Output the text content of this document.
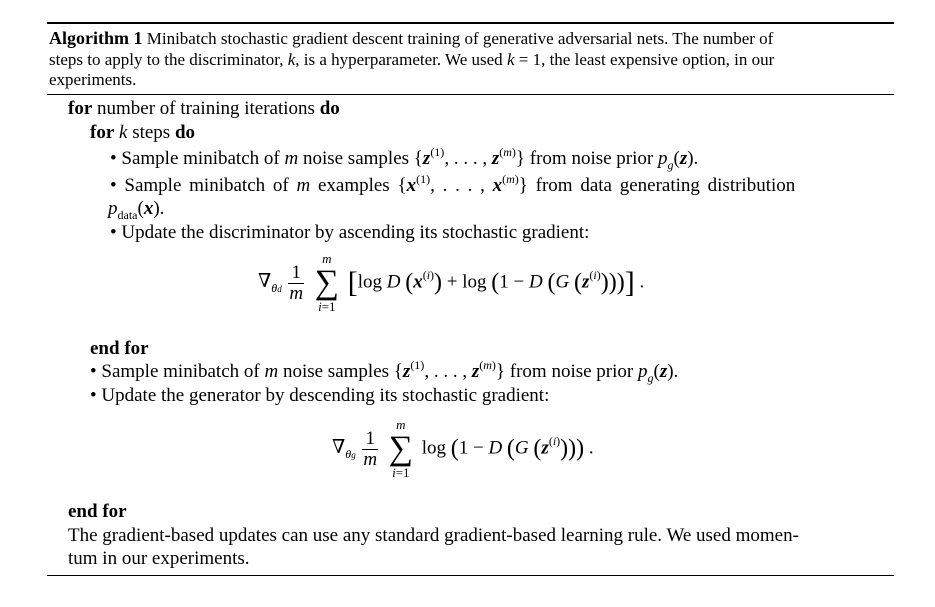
Algorithm 1 Minibatch stochastic gradient descent training of generative adversarial nets. The number of
steps to apply to the discriminator, k, is a hyperparameter. We used k = 1, the least expensive option, in our
experiments.
for number of training iterations do
for k steps do
• Sample minibatch of m noise samples {$z^{(1)}$, . . . , $z^{(m)}$} from noise prior $p_g(z)$.
• Sample minibatch of m examples {$x^{(1)}$, . . . , $x^{(m)}$} from data generating distribution
$p_{data}(x)$.
• Update the discriminator by ascending its stochastic gradient:
$\nabla_{\theta d} \frac{1}{m}$

m
∑
i=1
[log D $(x^{(i)}) + \log (1 - D$ (G $(z^{(i)})$))] .
end for
• Sample minibatch of m noise samples {$z^{(1)}$, . . . , $z^{(m)}$} from noise prior $p_g(z)$.
• Update the generator by descending its stochastic gradient:
$\nabla_{\theta g} \frac{1}{m}$

m
∑
i=1
log (1 − D (G $(z^{(i)})$)) .
end for
The gradient-based updates can use any standard gradient-based learning rule. We used momen-
tum in our experiments.
